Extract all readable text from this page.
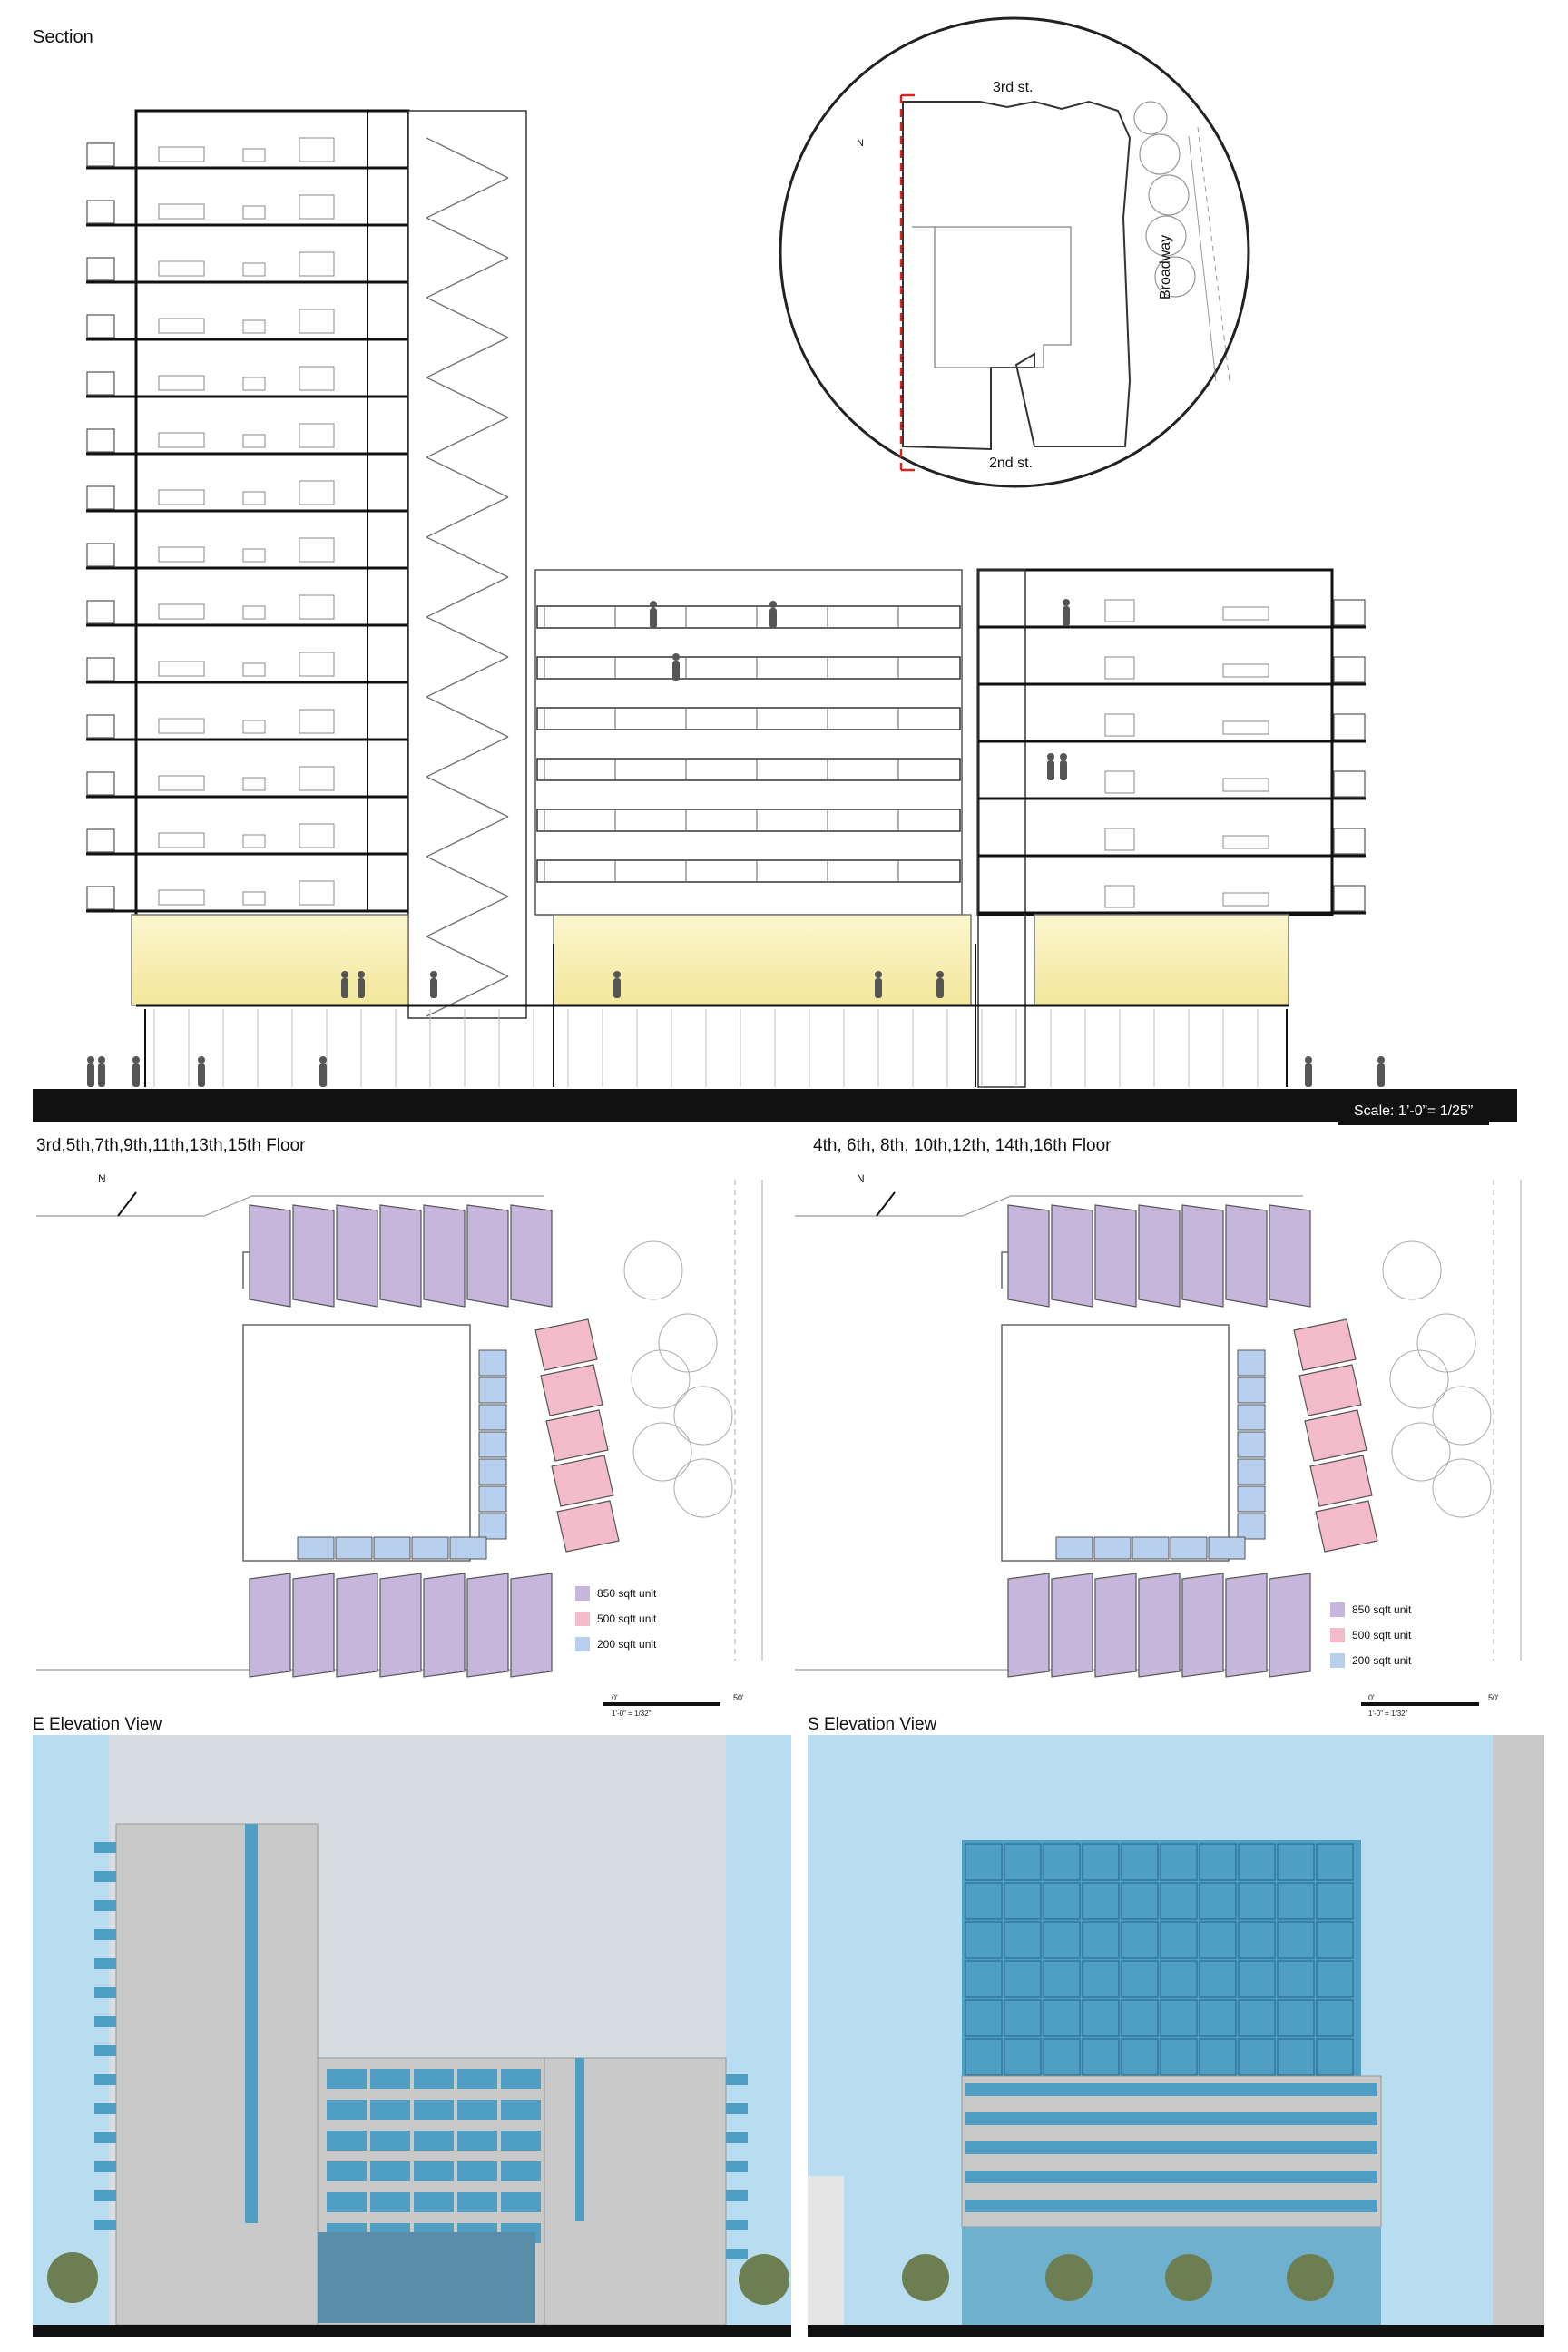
Section
3rd st.
2nd st.
Broadway
N
Scale: 1’-0”= 1/25”
3rd,5th,7th,9th,11th,13th,15th Floor	4th, 6th, 8th, 10th,12th, 14th,16th Floor
N	N
850 sqft unit
500 sqft unit
200 sqft unit
850 sqft unit
500 sqft unit
200 sqft unit
0'	50'
1'-0" = 1/32"
0'	50'
1'-0" = 1/32"
E Elevation View	S Elevation View
